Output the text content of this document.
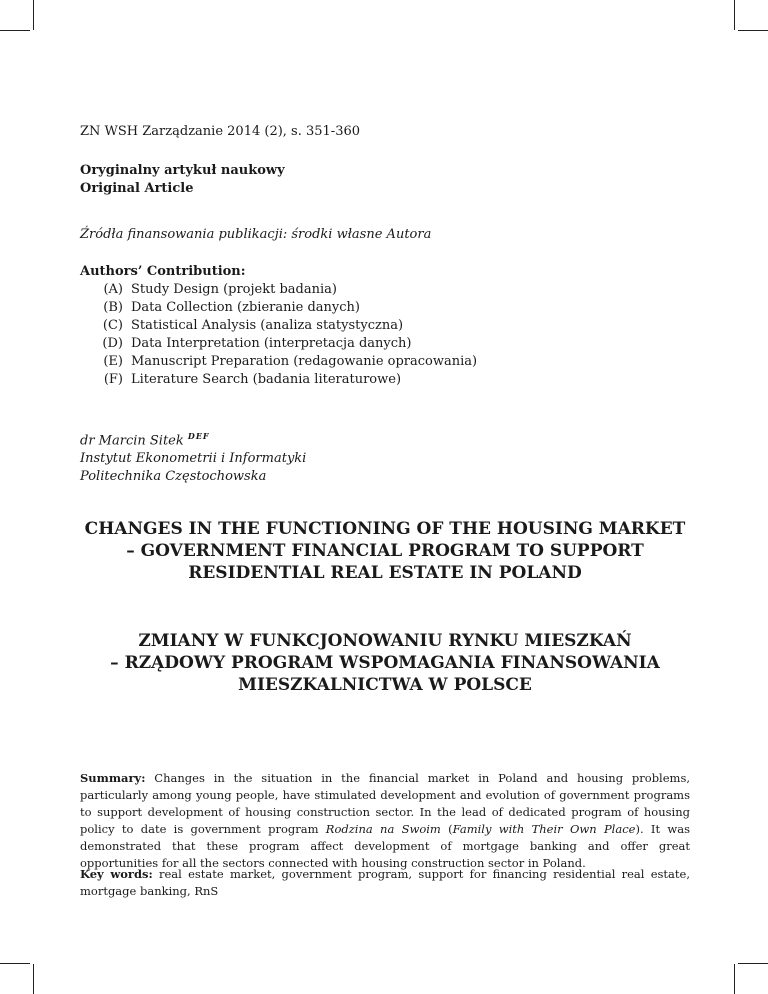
ZN WSH Zarządzanie 2014 (2), s. 351-360

Oryginalny artykuł naukowy

Original Article

Źródła finansowania publikacji: środki własne Autora

Authors’ Contribution:

(A) Study Design (projekt badania)
(B) Data Collection (zbieranie danych)
(C) Statistical Analysis (analiza statystyczna)
(D) Data Interpretation (interpretacja danych)
(E) Manuscript Preparation (redagowanie opracowania)
(F) Literature Search (badania literaturowe)

dr Marcin Sitek $^{DEF}$

Instytut Ekonometrii i Informatyki

Politechnika Częstochowska

CHANGES IN THE FUNCTIONING OF THE HOUSING MARKET

– GOVERNMENT FINANCIAL PROGRAM TO SUPPORT

RESIDENTIAL REAL ESTATE IN POLAND

ZMIANY W FUNKCJONOWANIU RYNKU MIESZKAŃ

– RZĄDOWY PROGRAM WSPOMAGANIA FINANSOWANIA

MIESZKALNICTWA W POLSCE

Summary: Changes in the situation in the financial market in Poland and housing problems, particularly among young people, have stimulated development and evolution of government programs to support development of housing construction sector. In the lead of dedicated program of housing policy to date is government program Rodzina na Swoim (Family with Their Own Place). It was demonstrated that these program affect development of mortgage banking and offer great opportunities for all the sectors connected with housing construction sector in Poland.

Key words: real estate market, government program, support for financing residential real estate, mortgage banking, RnS
